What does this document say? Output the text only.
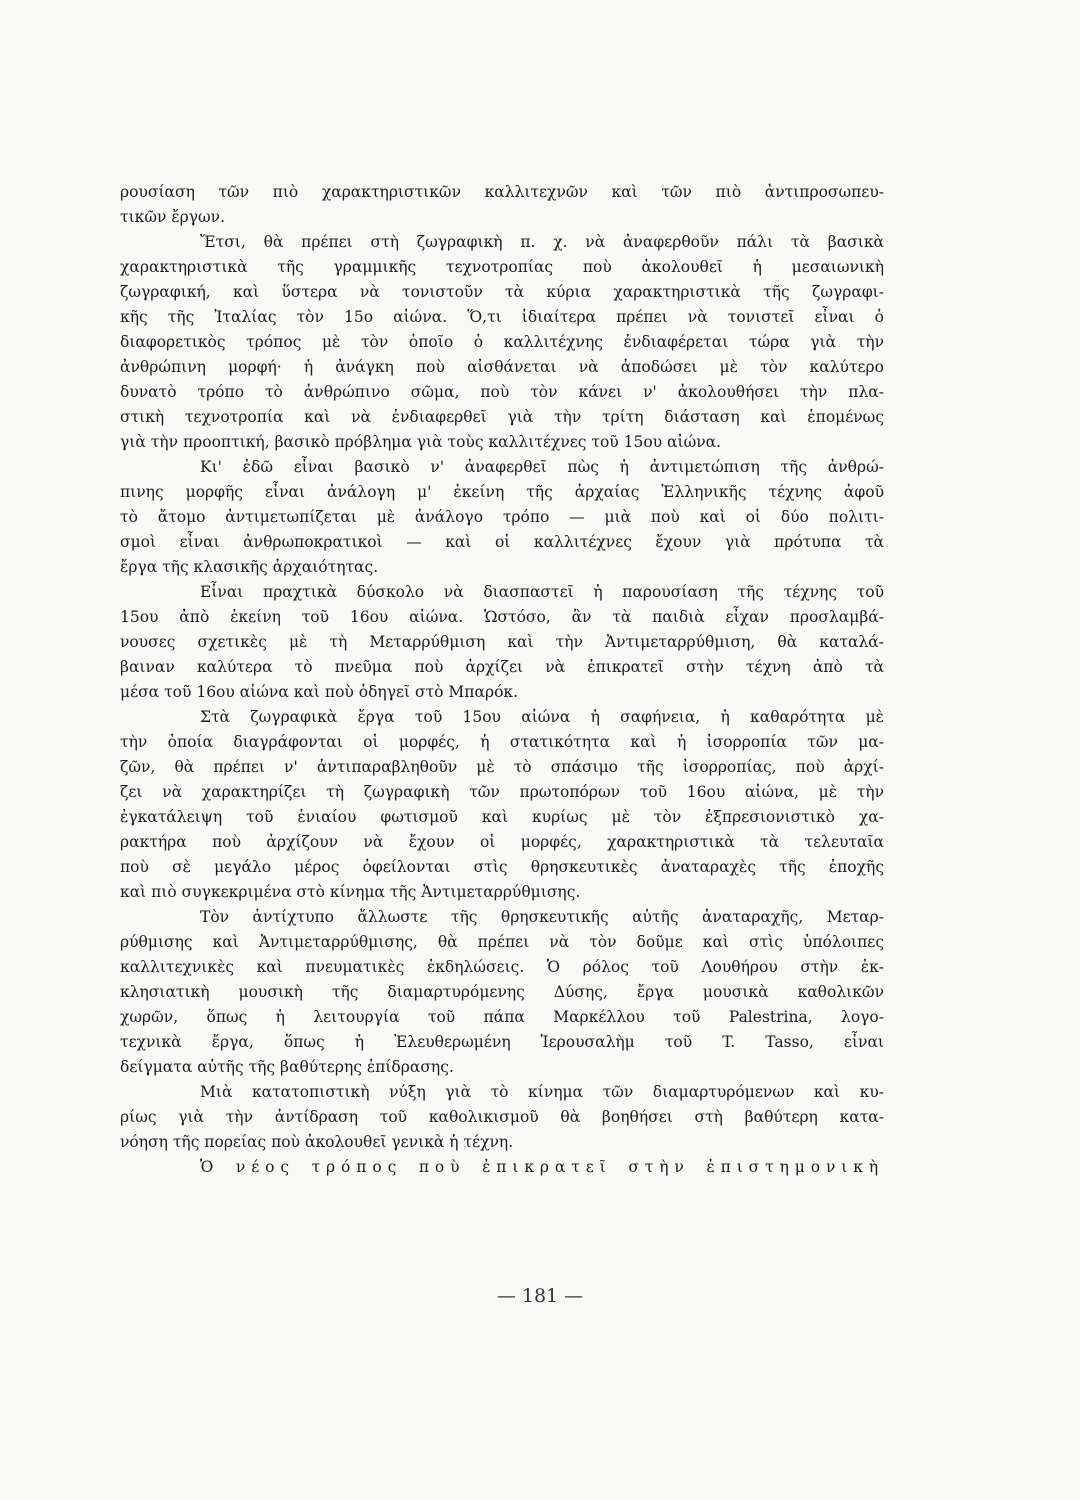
ρουσίαση τῶν πιὸ χαρακτηριστικῶν καλλιτεχνῶν καὶ τῶν πιὸ ἀντιπροσωπευ-
τικῶν ἔργων.
Ἔτσι, θὰ πρέπει στὴ ζωγραφικὴ π. χ. νὰ ἀναφερθοῦν πάλι τὰ βασικὰ
χαρακτηριστικὰ τῆς γραμμικῆς τεχνοτροπίας ποὺ ἀκολουθεῖ ἡ μεσαιωνικὴ
ζωγραφική, καὶ ὕστερα νὰ τονιστοῦν τὰ κύρια χαρακτηριστικὰ τῆς ζωγραφι-
κῆς τῆς Ἰταλίας τὸν 15ο αἰώνα. Ὅ,τι ἰδιαίτερα πρέπει νὰ τονιστεῖ εἶναι ὁ
διαφορετικὸς τρόπος μὲ τὸν ὁποῖο ὁ καλλιτέχνης ἐνδιαφέρεται τώρα γιὰ τὴν
ἀνθρώπινη μορφή· ἡ ἀνάγκη ποὺ αἰσθάνεται νὰ ἀποδώσει μὲ τὸν καλύτερο
δυνατὸ τρόπο τὸ ἀνθρώπινο σῶμα, ποὺ τὸν κάνει ν' ἀκολουθήσει τὴν πλα-
στικὴ τεχνοτροπία καὶ νὰ ἐνδιαφερθεῖ γιὰ τὴν τρίτη διάσταση καὶ ἑπομένως
γιὰ τὴν προοπτική, βασικὸ πρόβλημα γιὰ τοὺς καλλιτέχνες τοῦ 15ου αἰώνα.
Κι' ἐδῶ εἶναι βασικὸ ν' ἀναφερθεῖ πὼς ἡ ἀντιμετώπιση τῆς ἀνθρώ-
πινης μορφῆς εἶναι ἀνάλογη μ' ἐκείνη τῆς ἀρχαίας Ἑλληνικῆς τέχνης ἀφοῦ
τὸ ἄτομο ἀντιμετωπίζεται μὲ ἀνάλογο τρόπο — μιὰ ποὺ καὶ οἱ δύο πολιτι-
σμοὶ εἶναι ἀνθρωποκρατικοὶ — καὶ οἱ καλλιτέχνες ἔχουν γιὰ πρότυπα τὰ
ἔργα τῆς κλασικῆς ἀρχαιότητας.
Εἶναι πραχτικὰ δύσκολο νὰ διασπαστεῖ ἡ παρουσίαση τῆς τέχνης τοῦ
15ου ἀπὸ ἐκείνη τοῦ 16ου αἰώνα. Ὡστόσο, ἂν τὰ παιδιὰ εἶχαν προσλαμβά-
νουσες σχετικὲς μὲ τὴ Μεταρρύθμιση καὶ τὴν Ἀντιμεταρρύθμιση, θὰ καταλά-
βαιναν καλύτερα τὸ πνεῦμα ποὺ ἀρχίζει νὰ ἐπικρατεῖ στὴν τέχνη ἀπὸ τὰ
μέσα τοῦ 16ου αἰώνα καὶ ποὺ ὁδηγεῖ στὸ Μπαρόκ.
Στὰ ζωγραφικὰ ἔργα τοῦ 15ου αἰώνα ἡ σαφήνεια, ἡ καθαρότητα μὲ
τὴν ὁποία διαγράφονται οἱ μορφές, ἡ στατικότητα καὶ ἡ ἰσορροπία τῶν μα-
ζῶν, θὰ πρέπει ν' ἀντιπαραβληθοῦν μὲ τὸ σπάσιμο τῆς ἰσορροπίας, ποὺ ἀρχί-
ζει νὰ χαρακτηρίζει τὴ ζωγραφικὴ τῶν πρωτοπόρων τοῦ 16ου αἰώνα, μὲ τὴν
ἐγκατάλειψη τοῦ ἑνιαίου φωτισμοῦ καὶ κυρίως μὲ τὸν ἐξπρεσιονιστικὸ χα-
ρακτήρα ποὺ ἀρχίζουν νὰ ἔχουν οἱ μορφές, χαρακτηριστικὰ τὰ τελευταῖα
ποὺ σὲ μεγάλο μέρος ὀφείλονται στὶς θρησκευτικὲς ἀναταραχὲς τῆς ἐποχῆς
καὶ πιὸ συγκεκριμένα στὸ κίνημα τῆς Ἀντιμεταρρύθμισης.
Τὸν ἀντίχτυπο ἄλλωστε τῆς θρησκευτικῆς αὐτῆς ἀναταραχῆς, Μεταρ-
ρύθμισης καὶ Ἀντιμεταρρύθμισης, θὰ πρέπει νὰ τὸν δοῦμε καὶ στὶς ὑπόλοιπες
καλλιτεχνικὲς καὶ πνευματικὲς ἐκδηλώσεις. Ὁ ρόλος τοῦ Λουθήρου στὴν ἐκ-
κλησιατικὴ μουσικὴ τῆς διαμαρτυρόμενης Δύσης, ἔργα μουσικὰ καθολικῶν
χωρῶν, ὅπως ἡ λειτουργία τοῦ πάπα Μαρκέλλου τοῦ Palestrina, λογο-
τεχνικὰ ἔργα, ὅπως ἡ Ἐλευθερωμένη Ἱερουσαλὴμ τοῦ T. Tasso, εἶναι
δείγματα αὐτῆς τῆς βαθύτερης ἐπίδρασης.
Μιὰ κατατοπιστικὴ νύξη γιὰ τὸ κίνημα τῶν διαμαρτυρόμενων καὶ κυ-
ρίως γιὰ τὴν ἀντίδραση τοῦ καθολικισμοῦ θὰ βοηθήσει στὴ βαθύτερη κατα-
νόηση τῆς πορείας ποὺ ἀκολουθεῖ γενικὰ ἡ τέχνη.
Ὁ νέος τρόπος ποὺ ἐπικρατεῖ στὴν ἐπιστημονικὴ
— 181 —
